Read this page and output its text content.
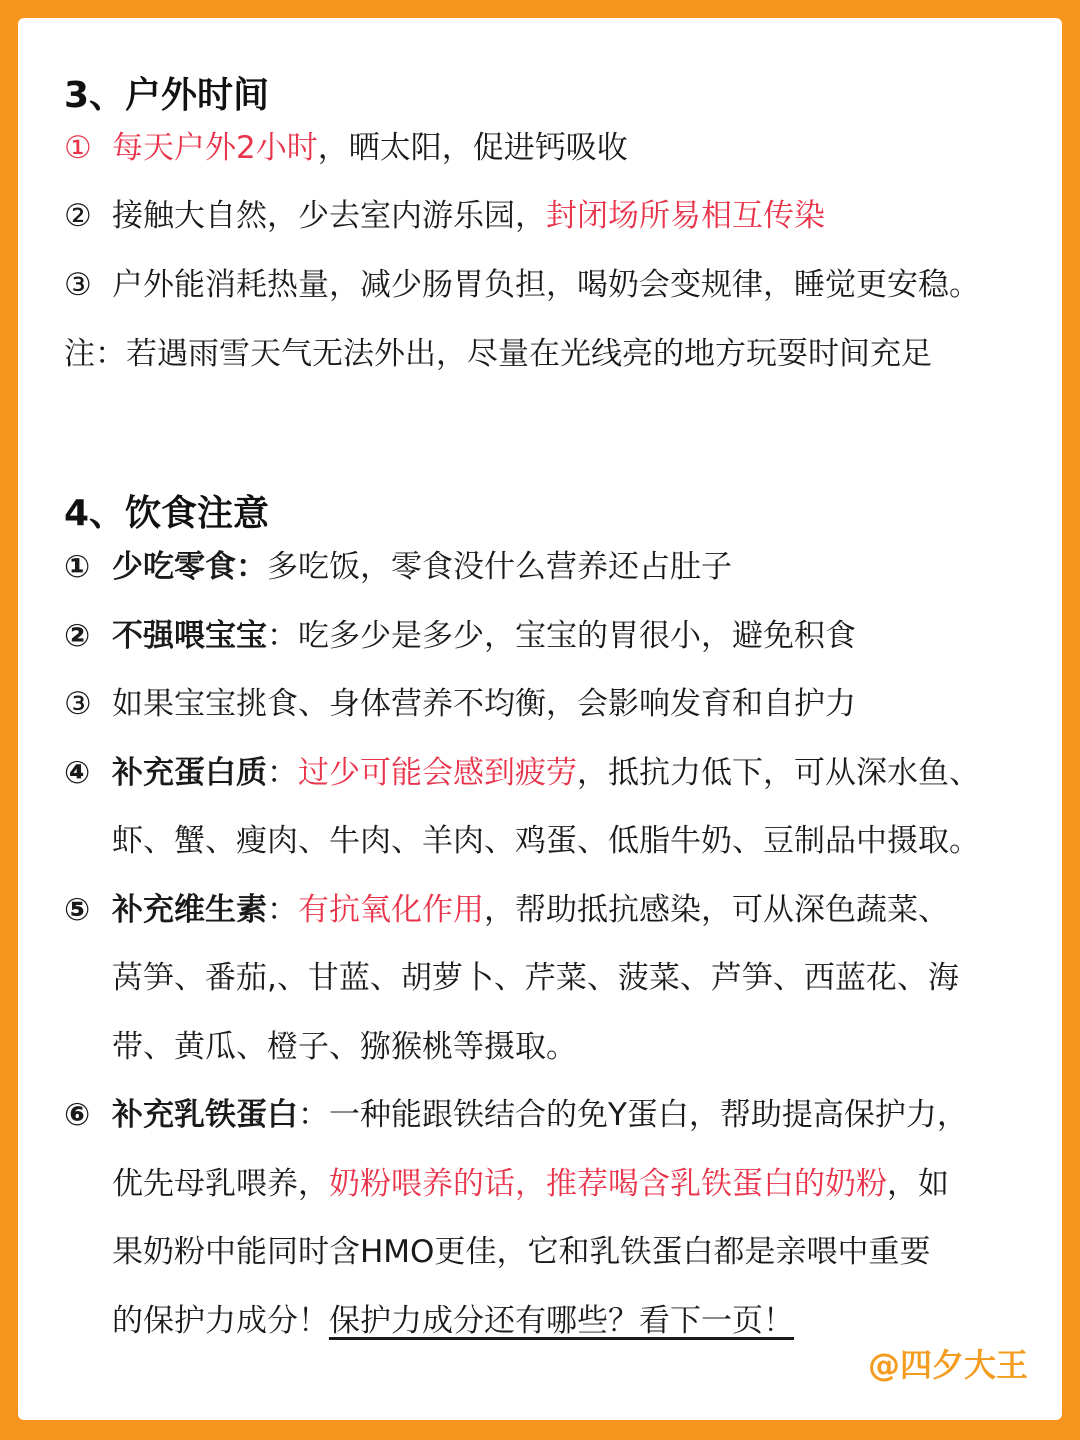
3、户外时间
① 每天户外2小时，晒太阳，促进钙吸收
② 接触大自然，少去室内游乐园，封闭场所易相互传染
③ 户外能消耗热量，减少肠胃负担，喝奶会变规律，睡觉更安稳。
注：若遇雨雪天气无法外出，尽量在光线亮的地方玩耍时间充足
4、饮食注意
① 少吃零食：多吃饭，零食没什么营养还占肚子
② 不强喂宝宝：吃多少是多少，宝宝的胃很小，避免积食
③ 如果宝宝挑食、身体营养不均衡，会影响发育和自护力
④ 补充蛋白质：过少可能会感到疲劳，抵抗力低下，可从深水鱼、
虾、蟹、瘦肉、牛肉、羊肉、鸡蛋、低脂牛奶、豆制品中摄取。
⑤ 补充维生素：有抗氧化作用，帮助抵抗感染，可从深色蔬菜、
莴笋、番茄,、甘蓝、胡萝卜、芹菜、菠菜、芦笋、西蓝花、海
带、黄瓜、橙子、猕猴桃等摄取。
⑥ 补充乳铁蛋白：一种能跟铁结合的免Y蛋白，帮助提高保护力，
优先母乳喂养，奶粉喂养的话，推荐喝含乳铁蛋白的奶粉，如
果奶粉中能同时含HMO更佳，它和乳铁蛋白都是亲喂中重要
的保护力成分！保护力成分还有哪些？看下一页！
@四夕大王
